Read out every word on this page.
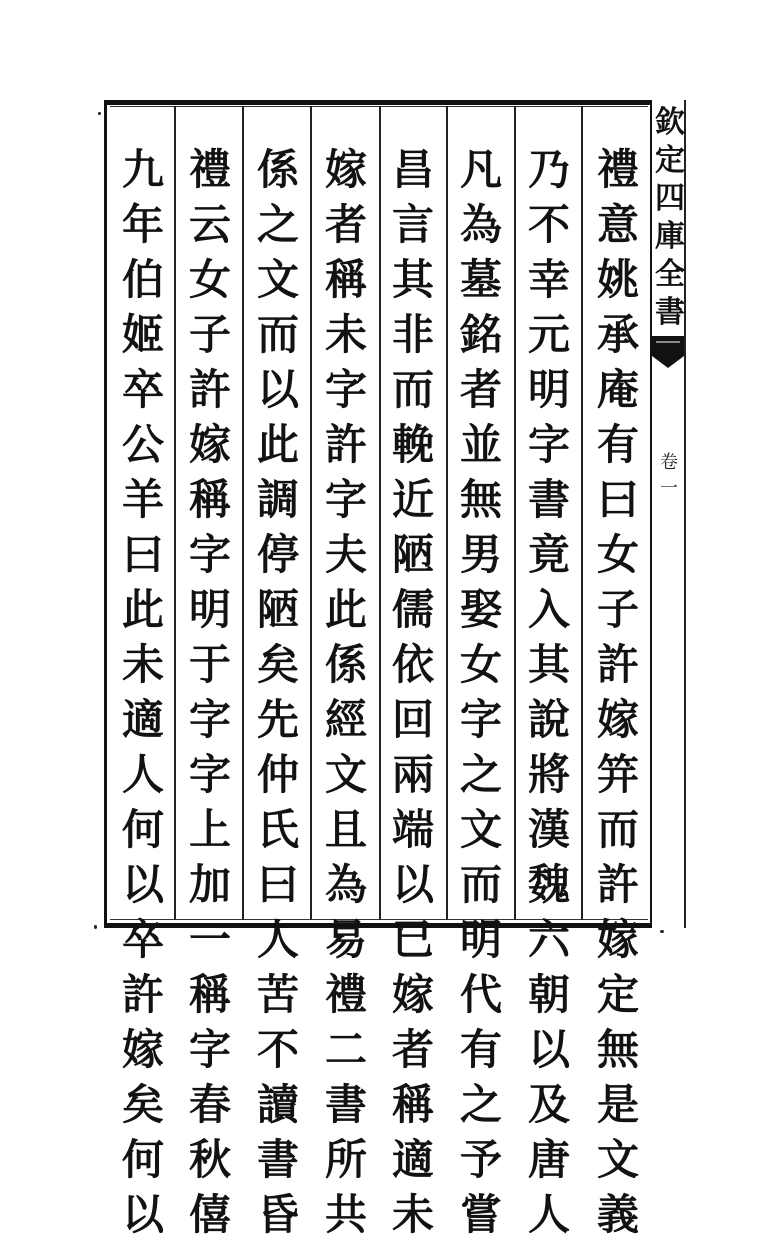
禮
意
姚
承
庵
有
曰
女
子
許
嫁
笄
而
許
嫁
定
無
是
文
義
乃
不
幸
元
明
字
書
竟
入
其
說
將
漢
魏
六
朝
以
及
唐
人
凡
為
墓
銘
者
並
無
男
娶
女
字
之
文
而
明
代
有
之
予
嘗
昌
言
其
非
而
輓
近
陋
儒
依
回
兩
端
以
已
嫁
者
稱
適
未
嫁
者
稱
未
字
許
字
夫
此
係
經
文
且
為
易
禮
二
書
所
共
係
之
文
而
以
此
調
停
陋
矣
先
仲
氏
曰
人
苦
不
讀
書
昏
禮
云
女
子
許
嫁
稱
字
明
于
字
字
上
加
一
稱
字
春
秋
僖
九
年
伯
姬
卒
公
羊
曰
此
未
適
人
何
以
卒
許
嫁
矣
何
以
欽
定
四
庫
全
書
卷
一
